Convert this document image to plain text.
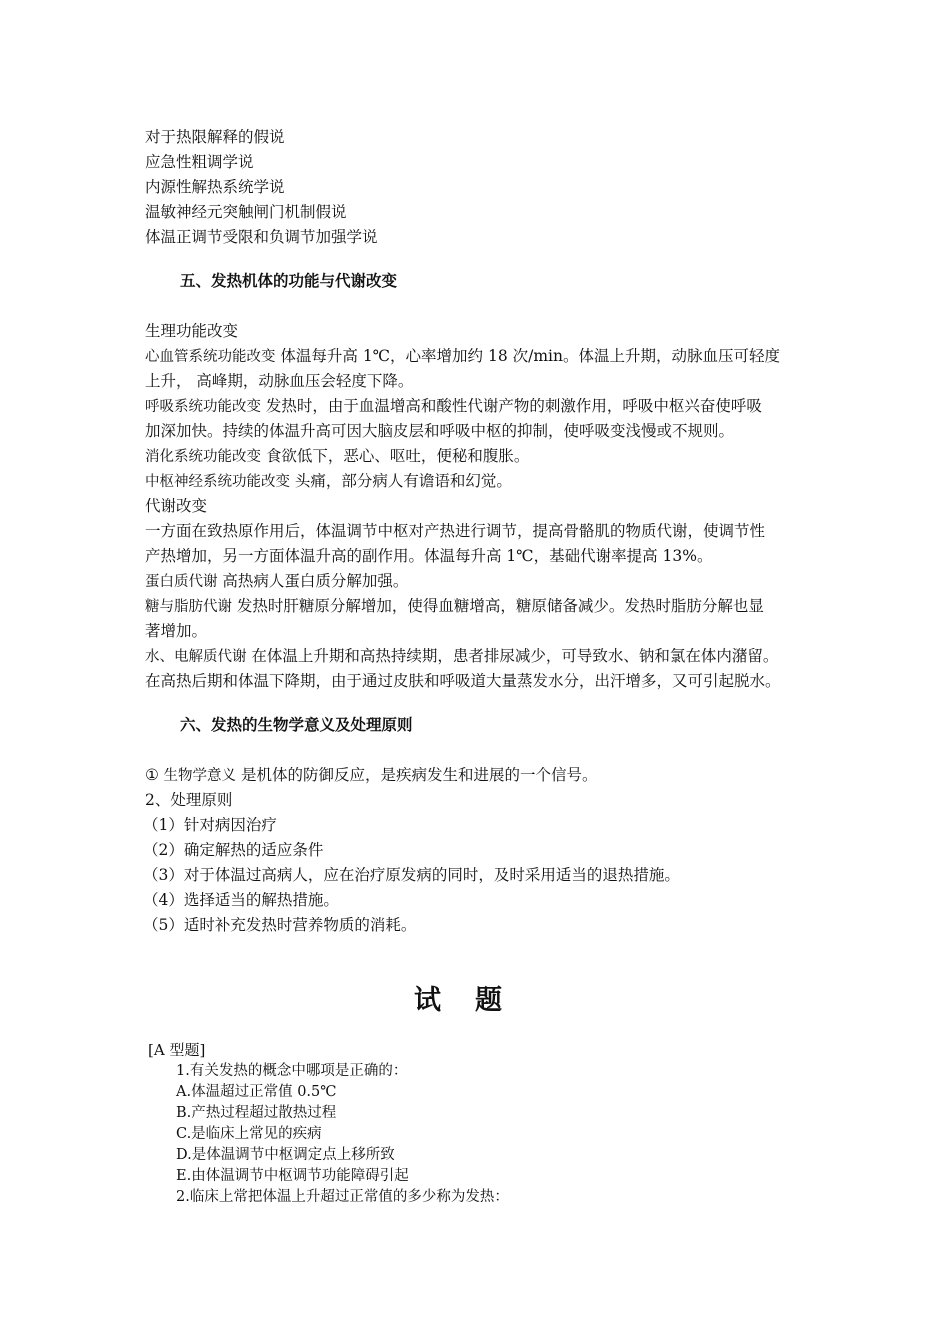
对于热限解释的假说
应急性粗调学说
内源性解热系统学说
温敏神经元突触闸门机制假说
体温正调节受限和负调节加强学说
五、发热机体的功能与代谢改变
生理功能改变
心血管系统功能改变 体温每升高 1℃，心率增加约 18 次/min。体温上升期，动脉血压可轻度
上升， 高峰期，动脉血压会轻度下降。
呼吸系统功能改变 发热时，由于血温增高和酸性代谢产物的刺激作用，呼吸中枢兴奋使呼吸
加深加快。持续的体温升高可因大脑皮层和呼吸中枢的抑制，使呼吸变浅慢或不规则。
消化系统功能改变 食欲低下，恶心、呕吐，便秘和腹胀。
中枢神经系统功能改变 头痛，部分病人有谵语和幻觉。
代谢改变
一方面在致热原作用后，体温调节中枢对产热进行调节，提高骨骼肌的物质代谢，使调节性
产热增加，另一方面体温升高的副作用。体温每升高 1℃，基础代谢率提高 13%。
蛋白质代谢 高热病人蛋白质分解加强。
糖与脂肪代谢 发热时肝糖原分解增加，使得血糖增高，糖原储备减少。发热时脂肪分解也显
著增加。
水、电解质代谢 在体温上升期和高热持续期，患者排尿减少，可导致水、钠和氯在体内潴留。
在高热后期和体温下降期，由于通过皮肤和呼吸道大量蒸发水分，出汗增多，又可引起脱水。
六、发热的生物学意义及处理原则
① 生物学意义 是机体的防御反应，是疾病发生和进展的一个信号。
2、处理原则
（1）针对病因治疗
（2）确定解热的适应条件
（3）对于体温过高病人，应在治疗原发病的同时，及时采用适当的退热措施。
（4）选择适当的解热措施。
（5）适时补充发热时营养物质的消耗。
试题
[A 型题]
1.有关发热的概念中哪项是正确的：
A.体温超过正常值 0.5℃
B.产热过程超过散热过程
C.是临床上常见的疾病
D.是体温调节中枢调定点上移所致
E.由体温调节中枢调节功能障碍引起
2.临床上常把体温上升超过正常值的多少称为发热：
